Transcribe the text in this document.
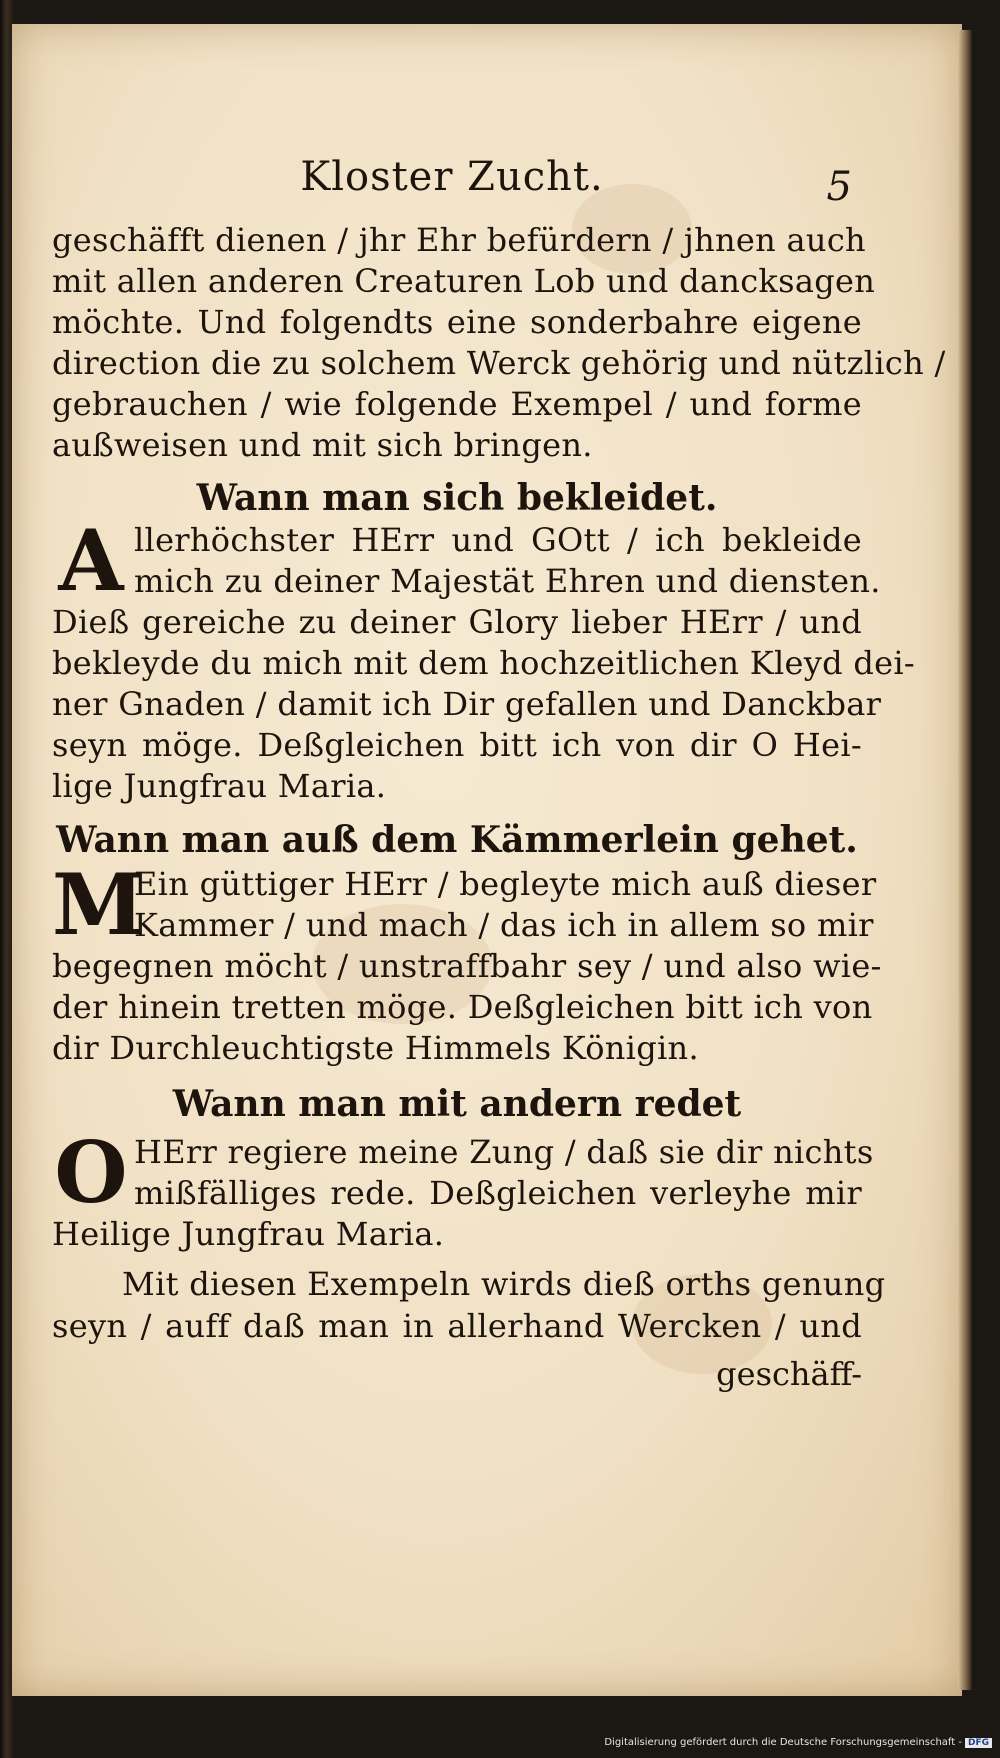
Kloster Zucht.	5
geschäfft dienen / jhr Ehr befürdern / jhnen auch
mit allen anderen Creaturen Lob und dancksagen
möchte. Und folgendts eine sonderbahre eigene
direction die zu solchem Werck gehörig und nützlich /
gebrauchen / wie folgende Exempel / und forme
außweisen und mit sich bringen.
Wann man sich bekleidet.
A llerhöchster HErr und GOtt / ich bekleide
mich zu deiner Majestät Ehren und diensten.
Dieß gereiche zu deiner Glory lieber HErr / und
bekleyde du mich mit dem hochzeitlichen Kleyd dei-
ner Gnaden / damit ich Dir gefallen und Danckbar
seyn möge. Deßgleichen bitt ich von dir O Hei-
lige Jungfrau Maria.
Wann man auß dem Kämmerlein gehet.
M
Ein güttiger HErr / begleyte mich auß dieser
Kammer / und mach / das ich in allem so mir
begegnen möcht / unstraffbahr sey / und also wie-
der hinein tretten möge. Deßgleichen bitt ich von
dir Durchleuchtigste Himmels Königin.
Wann man mit andern redet
O HErr regiere meine Zung / daß sie dir nichts
mißfälliges rede. Deßgleichen verleyhe mir
Heilige Jungfrau Maria.
Mit diesen Exempeln wirds dieß orths genung
seyn / auff daß man in allerhand Wercken / und
geschäff-
Digitalisierung gefördert durch die Deutsche Forschungsgemeinschaft - DFG
